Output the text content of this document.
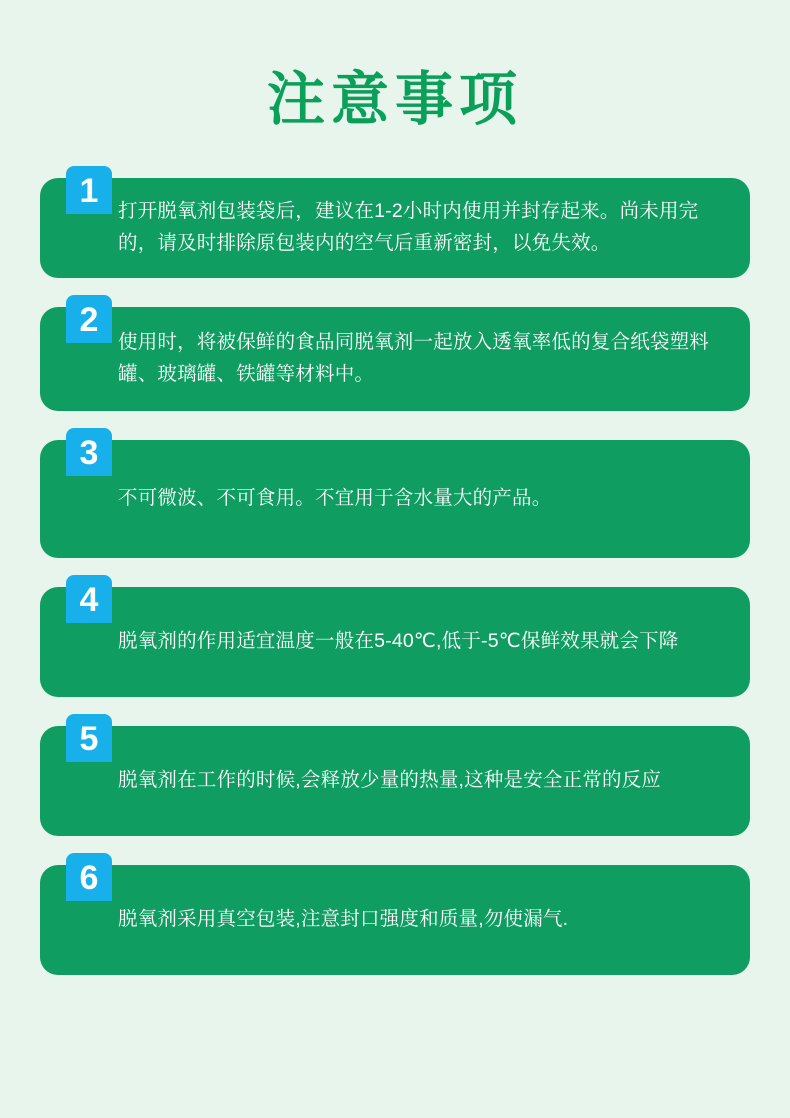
注意事项
1
打开脱氧剂包装袋后，建议在1-2小时内使用并封存起来。尚未用完的，请及时排除原包装内的空气后重新密封，以免失效。
2
使用时，将被保鲜的食品同脱氧剂一起放入透氧率低的复合纸袋塑料罐、玻璃罐、铁罐等材料中。
3
不可微波、不可食用。不宜用于含水量大的产品。
4
脱氧剂的作用适宜温度一般在5-40℃,低于-5℃保鲜效果就会下降
5
脱氧剂在工作的时候,会释放少量的热量,这种是安全正常的反应
6
脱氧剂采用真空包装,注意封口强度和质量,勿使漏气.
